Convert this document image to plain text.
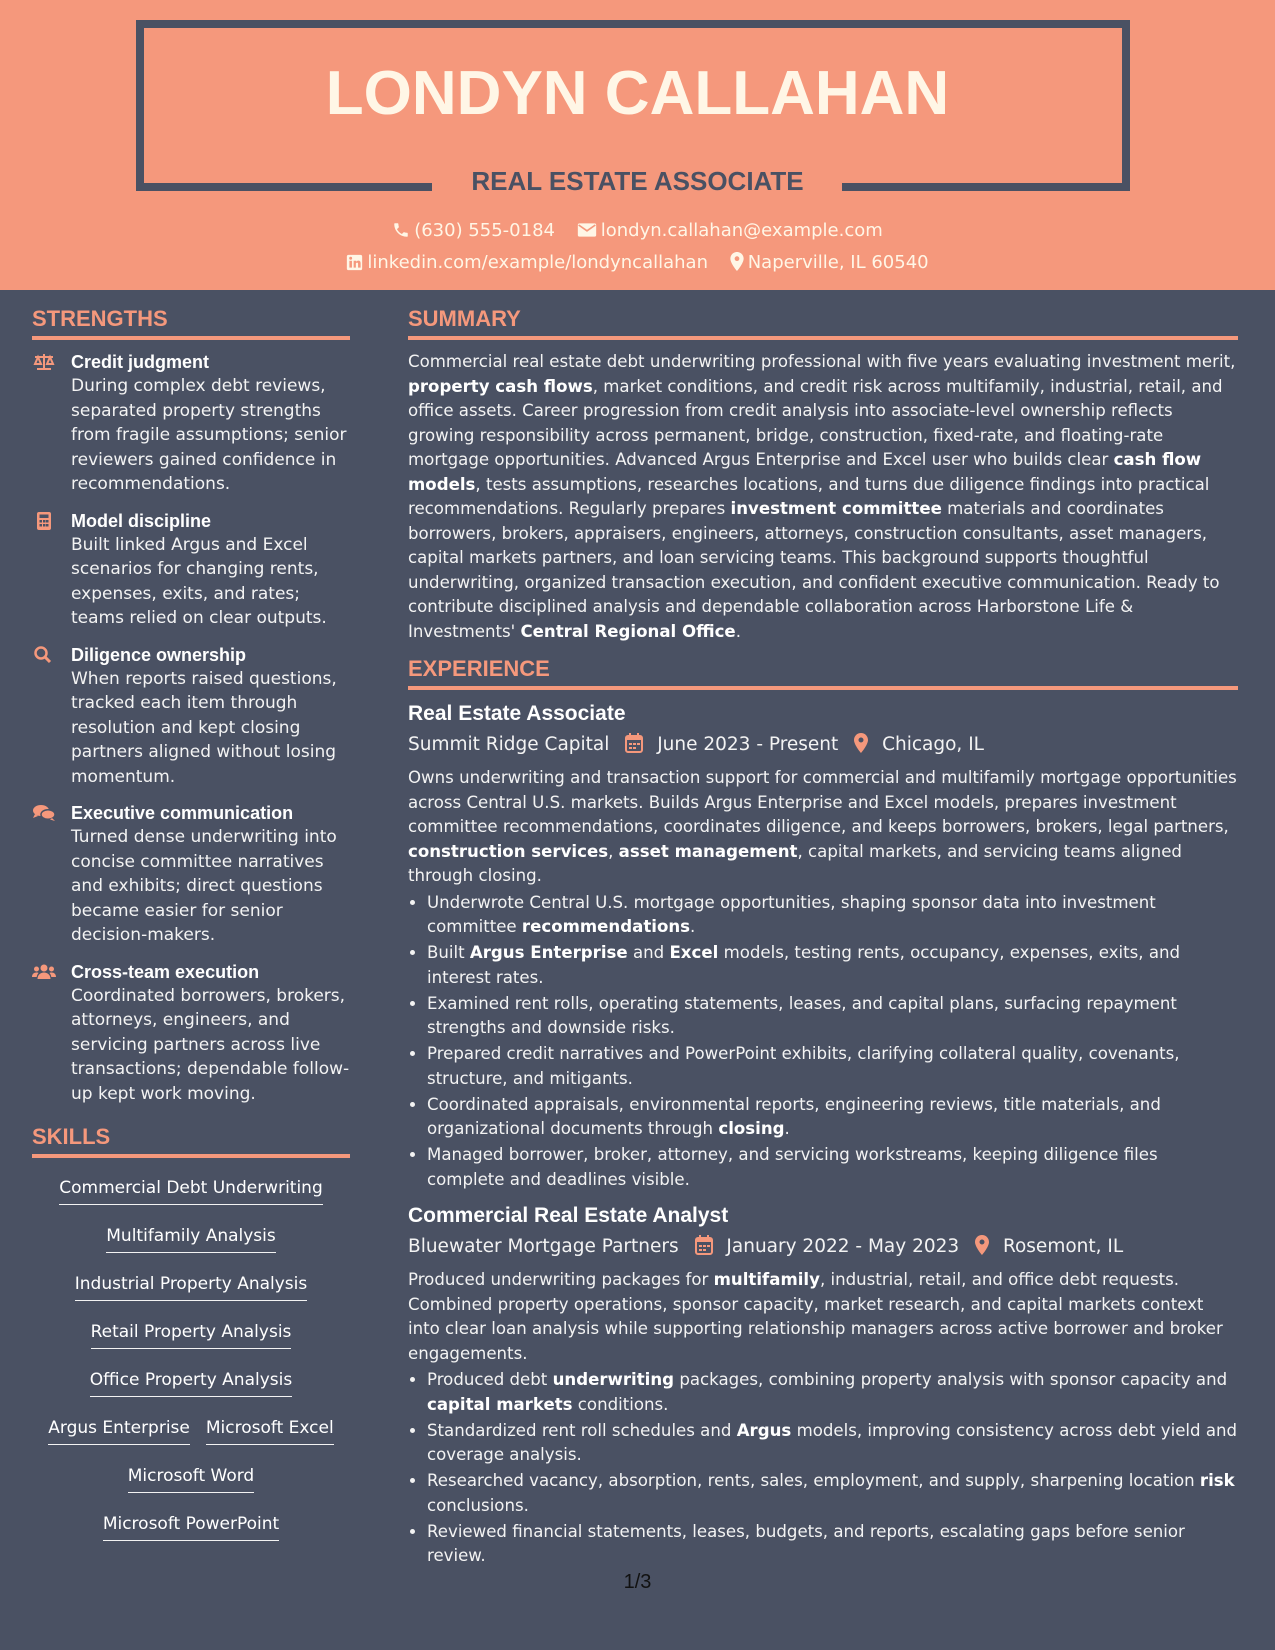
LONDYN CALLAHAN
REAL ESTATE ASSOCIATE
(630) 555-0184	londyn.callahan@example.com
linkedin.com/example/londyncallahan Naperville, IL 60540
STRENGTHS
Credit judgment
During complex debt reviews, separated property strengths from fragile assumptions; senior reviewers gained confidence in recommendations.
Model discipline
Built linked Argus and Excel scenarios for changing rents, expenses, exits, and rates; teams relied on clear outputs.
Diligence ownership
When reports raised questions, tracked each item through resolution and kept closing partners aligned without losing momentum.
Executive communication
Turned dense underwriting into concise committee narratives and exhibits; direct questions became easier for senior decision-makers.
Cross-team execution
Coordinated borrowers, brokers, attorneys, engineers, and servicing partners across live transactions; dependable follow-up kept work moving.
SKILLS
Commercial Debt Underwriting
Multifamily Analysis
Industrial Property Analysis
Retail Property Analysis
Office Property Analysis
Argus Enterprise Microsoft Excel
Microsoft Word
Microsoft PowerPoint
SUMMARY
Commercial real estate debt underwriting professional with five years evaluating investment merit, property cash flows, market conditions, and credit risk across multifamily, industrial, retail, and office assets. Career progression from credit analysis into associate-level ownership reflects growing responsibility across permanent, bridge, construction, fixed-rate, and floating-rate mortgage opportunities. Advanced Argus Enterprise and Excel user who builds clear cash flow models, tests assumptions, researches locations, and turns due diligence findings into practical recommendations. Regularly prepares investment committee materials and coordinates borrowers, brokers, appraisers, engineers, attorneys, construction consultants, asset managers, capital markets partners, and loan servicing teams. This background supports thoughtful underwriting, organized transaction execution, and confident executive communication. Ready to contribute disciplined analysis and dependable collaboration across Harborstone Life & Investments' Central Regional Office.
EXPERIENCE
Real Estate Associate
Summit Ridge Capital	June 2023 - Present Chicago, IL
Owns underwriting and transaction support for commercial and multifamily mortgage opportunities across Central U.S. markets. Builds Argus Enterprise and Excel models, prepares investment committee recommendations, coordinates diligence, and keeps borrowers, brokers, legal partners, construction services, asset management, capital markets, and servicing teams aligned through closing.
• Underwrote Central U.S. mortgage opportunities, shaping sponsor data into investment committee recommendations.
• Built Argus Enterprise and Excel models, testing rents, occupancy, expenses, exits, and interest rates.
• Examined rent rolls, operating statements, leases, and capital plans, surfacing repayment strengths and downside risks.
• Prepared credit narratives and PowerPoint exhibits, clarifying collateral quality, covenants, structure, and mitigants.
• Coordinated appraisals, environmental reports, engineering reviews, title materials, and organizational documents through closing.
• Managed borrower, broker, attorney, and servicing workstreams, keeping diligence files complete and deadlines visible.
Commercial Real Estate Analyst
Bluewater Mortgage Partners	January 2022 - May 2023 Rosemont, IL
Produced underwriting packages for multifamily, industrial, retail, and office debt requests. Combined property operations, sponsor capacity, market research, and capital markets context into clear loan analysis while supporting relationship managers across active borrower and broker engagements.
• Produced debt underwriting packages, combining property analysis with sponsor capacity and capital markets conditions.
• Standardized rent roll schedules and Argus models, improving consistency across debt yield and coverage analysis.
• Researched vacancy, absorption, rents, sales, employment, and supply, sharpening location risk conclusions.
• Reviewed financial statements, leases, budgets, and reports, escalating gaps before senior review.
1/3
